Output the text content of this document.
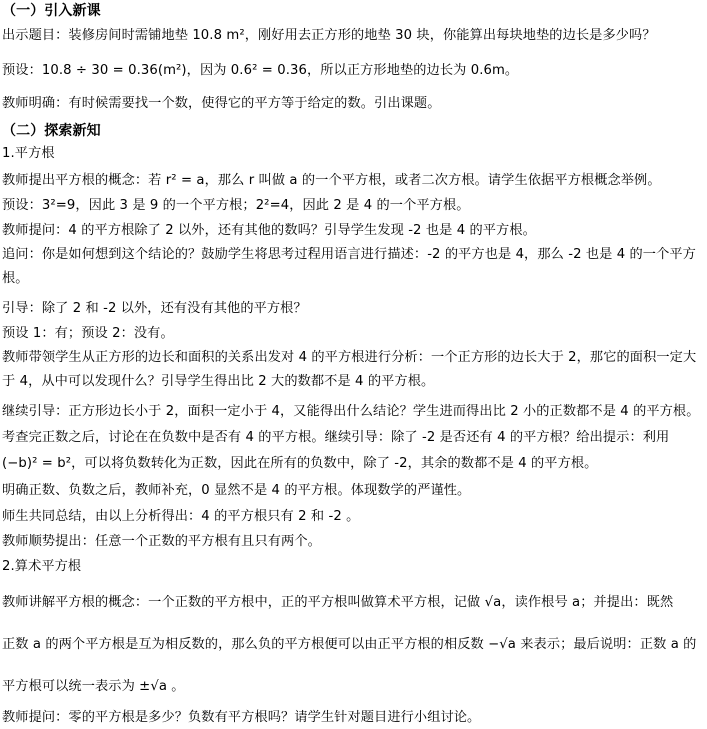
（一）引入新课
出示题目：装修房间时需铺地垫 10.8 m²，刚好用去正方形的地垫 30 块，你能算出每块地垫的边长是多少吗？
预设：10.8 ÷ 30 = 0.36(m²)，因为 0.6² = 0.36，所以正方形地垫的边长为 0.6m。
教师明确：有时候需要找一个数，使得它的平方等于给定的数。引出课题。
（二）探索新知
1.平方根
教师提出平方根的概念：若 r² = a，那么 r 叫做 a 的一个平方根，或者二次方根。请学生依据平方根概念举例。
预设：3²=9，因此 3 是 9 的一个平方根；2²=4，因此 2 是 4 的一个平方根。
教师提问：4 的平方根除了 2 以外，还有其他的数吗？引导学生发现 -2 也是 4 的平方根。
追问：你是如何想到这个结论的？鼓励学生将思考过程用语言进行描述：-2 的平方也是 4，那么 -2 也是 4 的一个平方根。
引导：除了 2 和 -2 以外，还有没有其他的平方根？
预设 1：有；预设 2：没有。
教师带领学生从正方形的边长和面积的关系出发对 4 的平方根进行分析：一个正方形的边长大于 2，那它的面积一定大于 4，从中可以发现什么？引导学生得出比 2 大的数都不是 4 的平方根。
继续引导：正方形边长小于 2，面积一定小于 4，又能得出什么结论？学生进而得出比 2 小的正数都不是 4 的平方根。
考查完正数之后，讨论在在负数中是否有 4 的平方根。继续引导：除了 -2 是否还有 4 的平方根？给出提示：利用
(−b)² = b²，可以将负数转化为正数，因此在所有的负数中，除了 -2，其余的数都不是 4 的平方根。
明确正数、负数之后，教师补充，0 显然不是 4 的平方根。体现数学的严谨性。
师生共同总结，由以上分析得出：4 的平方根只有 2 和 -2 。
教师顺势提出：任意一个正数的平方根有且只有两个。
2.算术平方根
教师讲解平方根的概念：一个正数的平方根中，正的平方根叫做算术平方根，记做 √a，读作根号 a；并提出：既然
正数 a 的两个平方根是互为相反数的，那么负的平方根便可以由正平方根的相反数 −√a 来表示；最后说明：正数 a 的
平方根可以统一表示为 ±√a 。
教师提问：零的平方根是多少？负数有平方根吗？请学生针对题目进行小组讨论。
